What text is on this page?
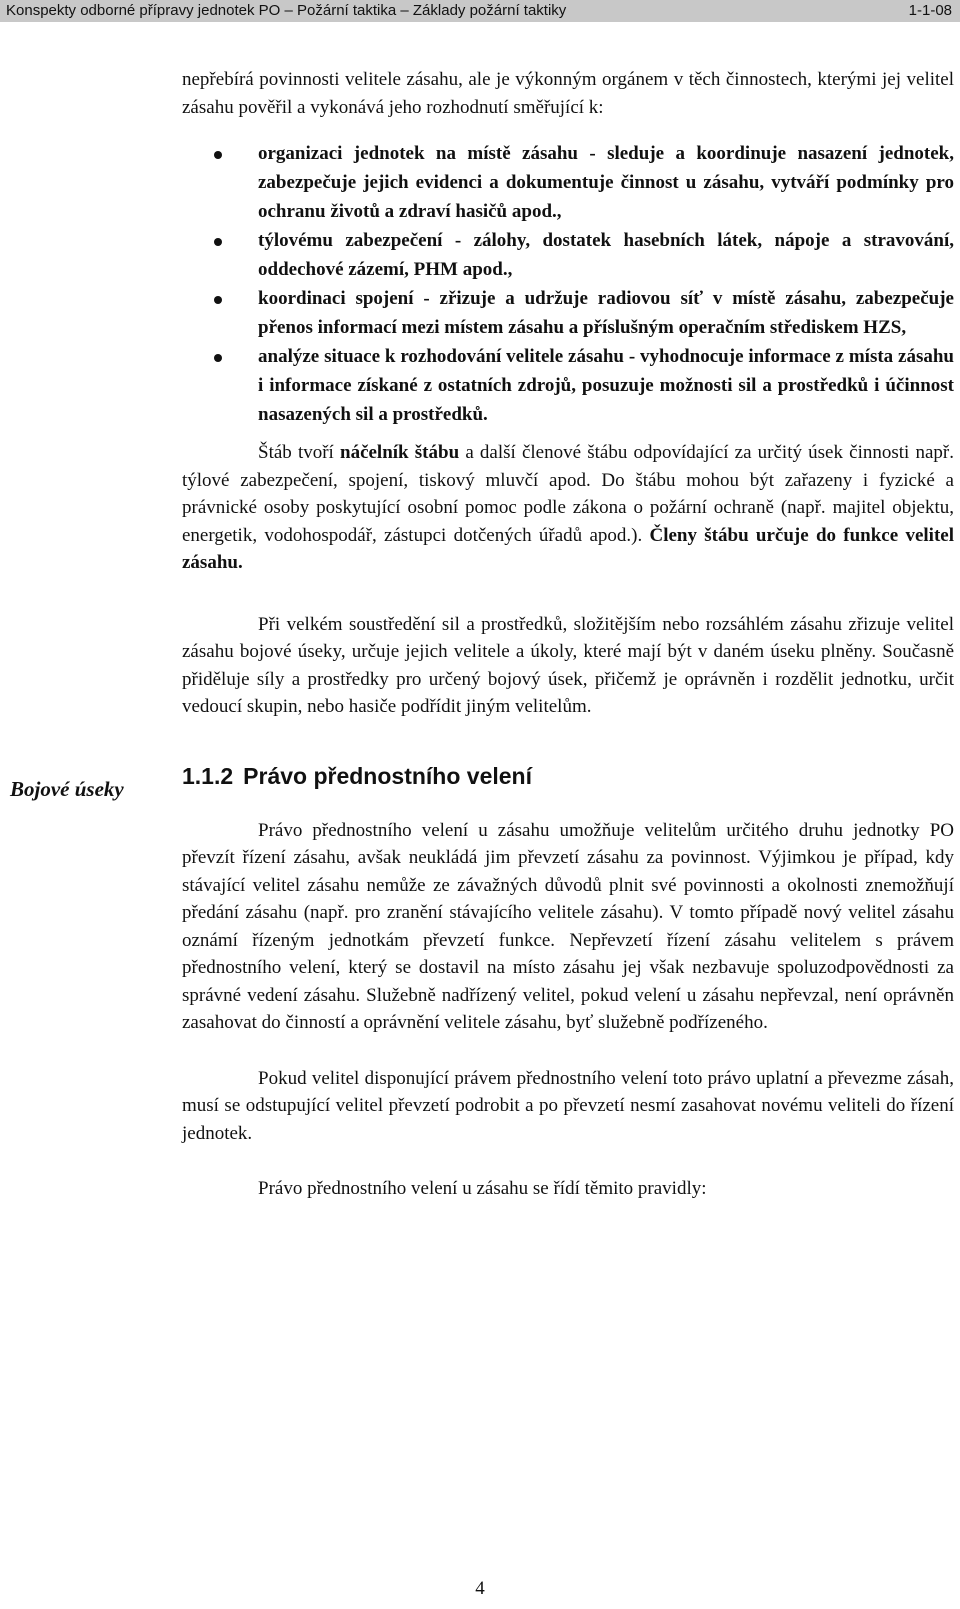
Konspekty odborné přípravy jednotek PO – Požární taktika – Základy požární taktiky	1-1-08
Bojové úseky

nepřebírá povinnosti velitele zásahu, ale je výkonným orgánem v těch činnostech, kterými jej velitel zásahu pověřil a vykonává jeho rozhodnutí směřující k:

organizaci jednotek na místě zásahu - sleduje a koordinuje nasazení jednotek, zabezpečuje jejich evidenci a dokumentuje činnost u zásahu, vytváří podmínky pro ochranu životů a zdraví hasičů apod.,
týlovému zabezpečení - zálohy, dostatek hasebních látek, nápoje a stravování, oddechové zázemí, PHM apod.,
koordinaci spojení - zřizuje a udržuje radiovou síť v místě zásahu, zabezpečuje přenos informací mezi místem zásahu a příslušným operačním střediskem HZS,
analýze situace k rozhodování velitele zásahu - vyhodnocuje informace z místa zásahu i informace získané z ostatních zdrojů, posuzuje možnosti sil a prostředků i účinnost nasazených sil a prostředků.

Štáb tvoří náčelník štábu a další členové štábu odpovídající za určitý úsek činnosti např. týlové zabezpečení, spojení, tiskový mluvčí apod. Do štábu mohou být zařazeny i fyzické a právnické osoby poskytující osobní pomoc podle zákona o požární ochraně (např. majitel objektu, energetik, vodohospodář, zástupci dotčených úřadů apod.). Členy štábu určuje do funkce velitel zásahu.

Při velkém soustředění sil a prostředků, složitějším nebo rozsáhlém zásahu zřizuje velitel zásahu bojové úseky, určuje jejich velitele a úkoly, které mají být v daném úseku plněny. Současně přiděluje síly a prostředky pro určený bojový úsek, přičemž je oprávněn i rozdělit jednotku, určit vedoucí skupin, nebo hasiče podřídit jiným velitelům.

1.1.2 Právo přednostního velení

Právo přednostního velení u zásahu umožňuje velitelům určitého druhu jednotky PO převzít řízení zásahu, avšak neukládá jim převzetí zásahu za povinnost. Výjimkou je případ, kdy stávající velitel zásahu nemůže ze závažných důvodů plnit své povinnosti a okolnosti znemožňují předání zásahu (např. pro zranění stávajícího velitele zásahu). V tomto případě nový velitel zásahu oznámí řízeným jednotkám převzetí funkce. Nepřevzetí řízení zásahu velitelem s právem přednostního velení, který se dostavil na místo zásahu jej však nezbavuje spoluzodpovědnosti za správné vedení zásahu. Služebně nadřízený velitel, pokud velení u zásahu nepřevzal, není oprávněn zasahovat do činností a oprávnění velitele zásahu, byť služebně podřízeného.

Pokud velitel disponující právem přednostního velení toto právo uplatní a převezme zásah, musí se odstupující velitel převzetí podrobit a po převzetí nesmí zasahovat novému veliteli do řízení jednotek.

Právo přednostního velení u zásahu se řídí těmito pravidly:

4
